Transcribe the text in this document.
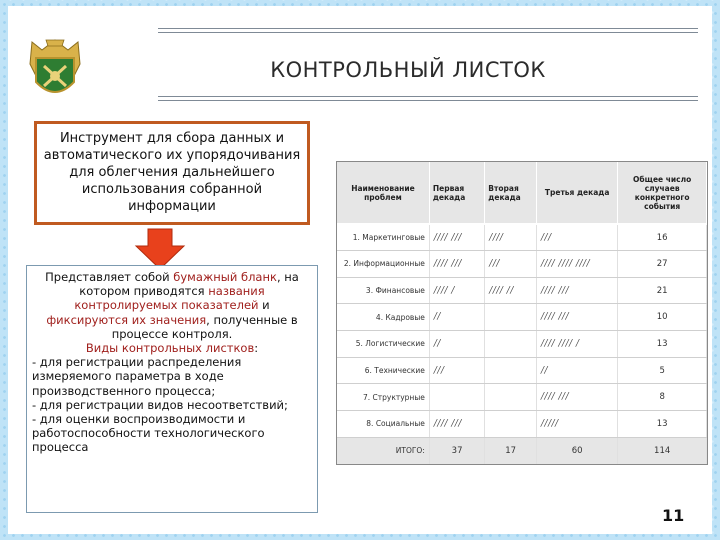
КОНТРОЛЬНЫЙ ЛИСТОК
Инструмент для сбора данных и автоматического их упорядочивания для облегчения дальнейшего использования собранной информации
Представляет собой бумажный бланк, на котором приводятся названия контролируемых показателей и фиксируются их значения, полученные в процессе контроля.
Виды контрольных листков:
- для регистрации распределения измеряемого параметра в ходе производственного процесса;
- для регистрации видов несоответствий;
- для оценки воспроизводимости и работоспособности технологического процесса
Наименование проблем	Первая декада	Вторая декада	Третья декада	Общее число случаев конкретного события
1. Маркетинговые	//// ///	////	///	16
2. Информационные	//// ///	///	//// //// ////	27
3. Финансовые	//// /	//// //	//// ///	21
4. Кадровые	//		//// ///	10
5. Логистические	//		//// //// /	13
6. Технические	///		//	5
7. Структурные			//// ///	8
8. Социальные	//// ///		/////	13
ИТОГО:	37	17	60	114
11
